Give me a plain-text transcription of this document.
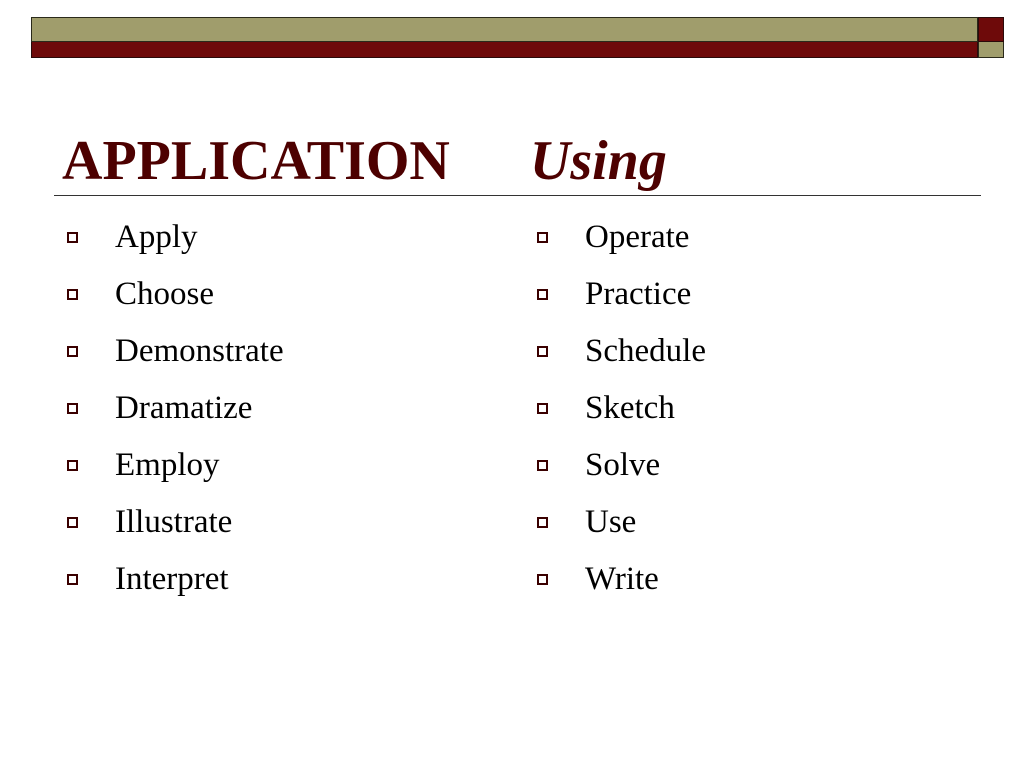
APPLICATION Using
Apply
Choose
Demonstrate
Dramatize
Employ
Illustrate
Interpret
Operate
Practice
Schedule
Sketch
Solve
Use
Write
